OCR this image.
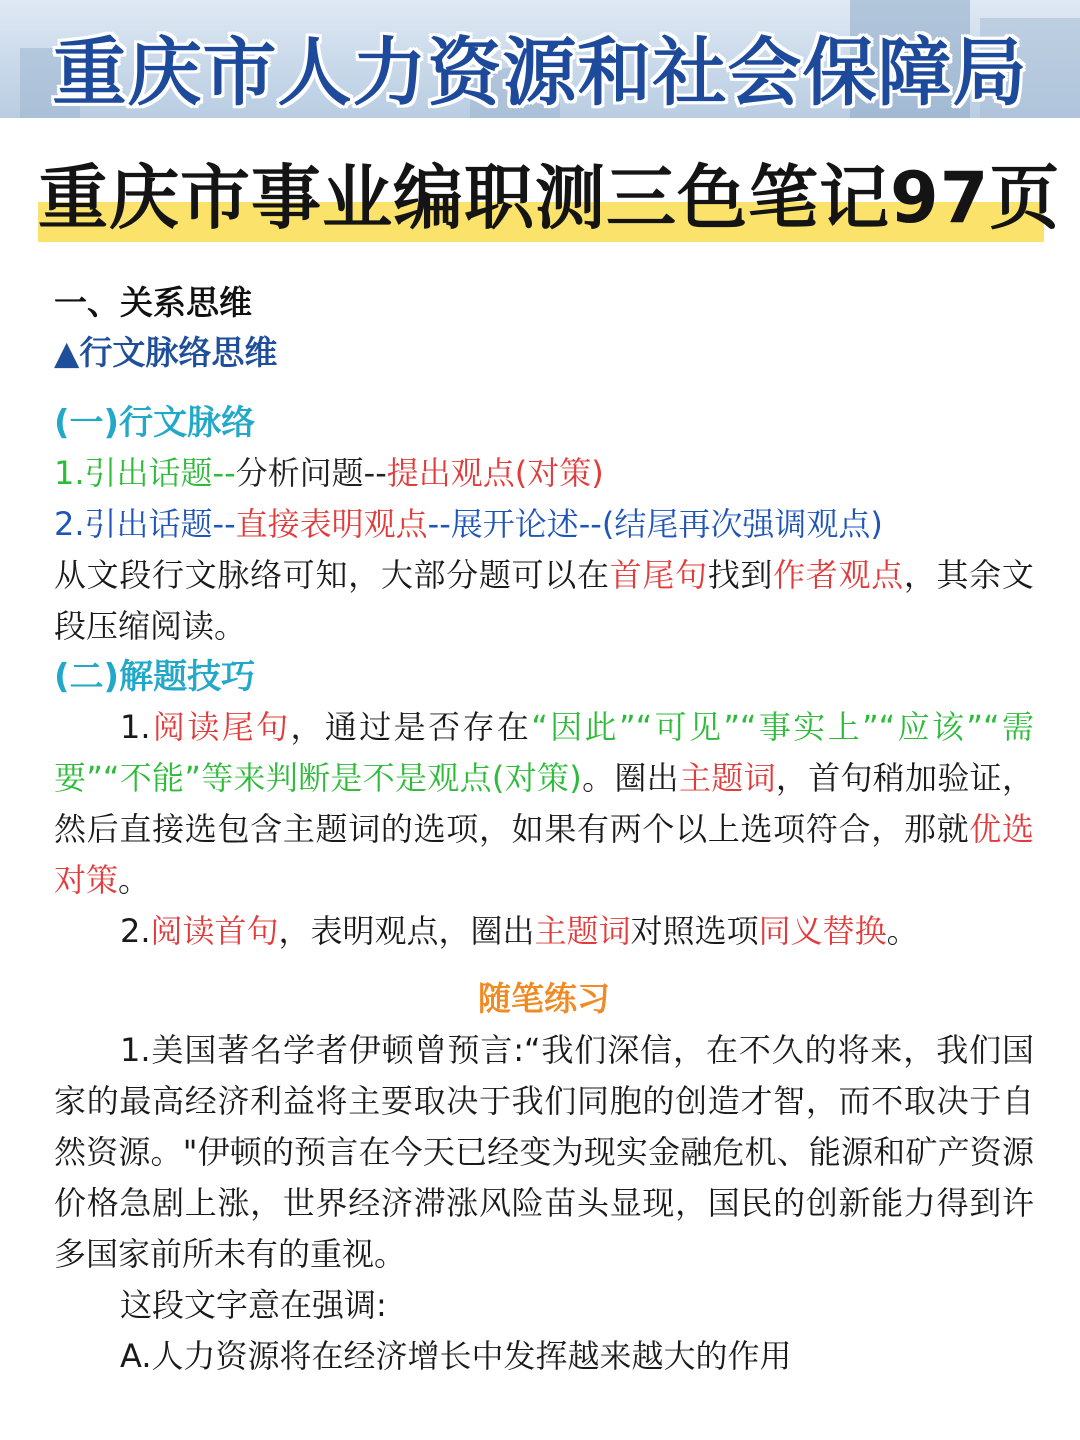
重庆市人力资源和社会保障局
重庆市事业编职测三色笔记97页
一、关系思维
▲行文脉络思维
(一)行文脉络

1.引出话题--分析问题--提出观点(对策)

2.引出话题--直接表明观点--展开论述--(结尾再次强调观点)

从文段行文脉络可知，大部分题可以在首尾句找到作者观点，其余文段压缩阅读。

(二)解题技巧

1.阅读尾句，通过是否存在“因此”“可见”“事实上”“应该”“需要”“不能”等来判断是不是观点(对策)。圈出主题词，首句稍加验证，然后直接选包含主题词的选项，如果有两个以上选项符合，那就优选对策。

2.阅读首句，表明观点，圈出主题词对照选项同义替换。

随笔练习

1.美国著名学者伊顿曾预言:“我们深信，在不久的将来，我们国家的最高经济利益将主要取决于我们同胞的创造才智，而不取决于自然资源。"伊顿的预言在今天已经变为现实金融危机、能源和矿产资源价格急剧上涨，世界经济滞涨风险苗头显现，国民的创新能力得到许多国家前所未有的重视。

这段文字意在强调:

A.人力资源将在经济增长中发挥越来越大的作用
